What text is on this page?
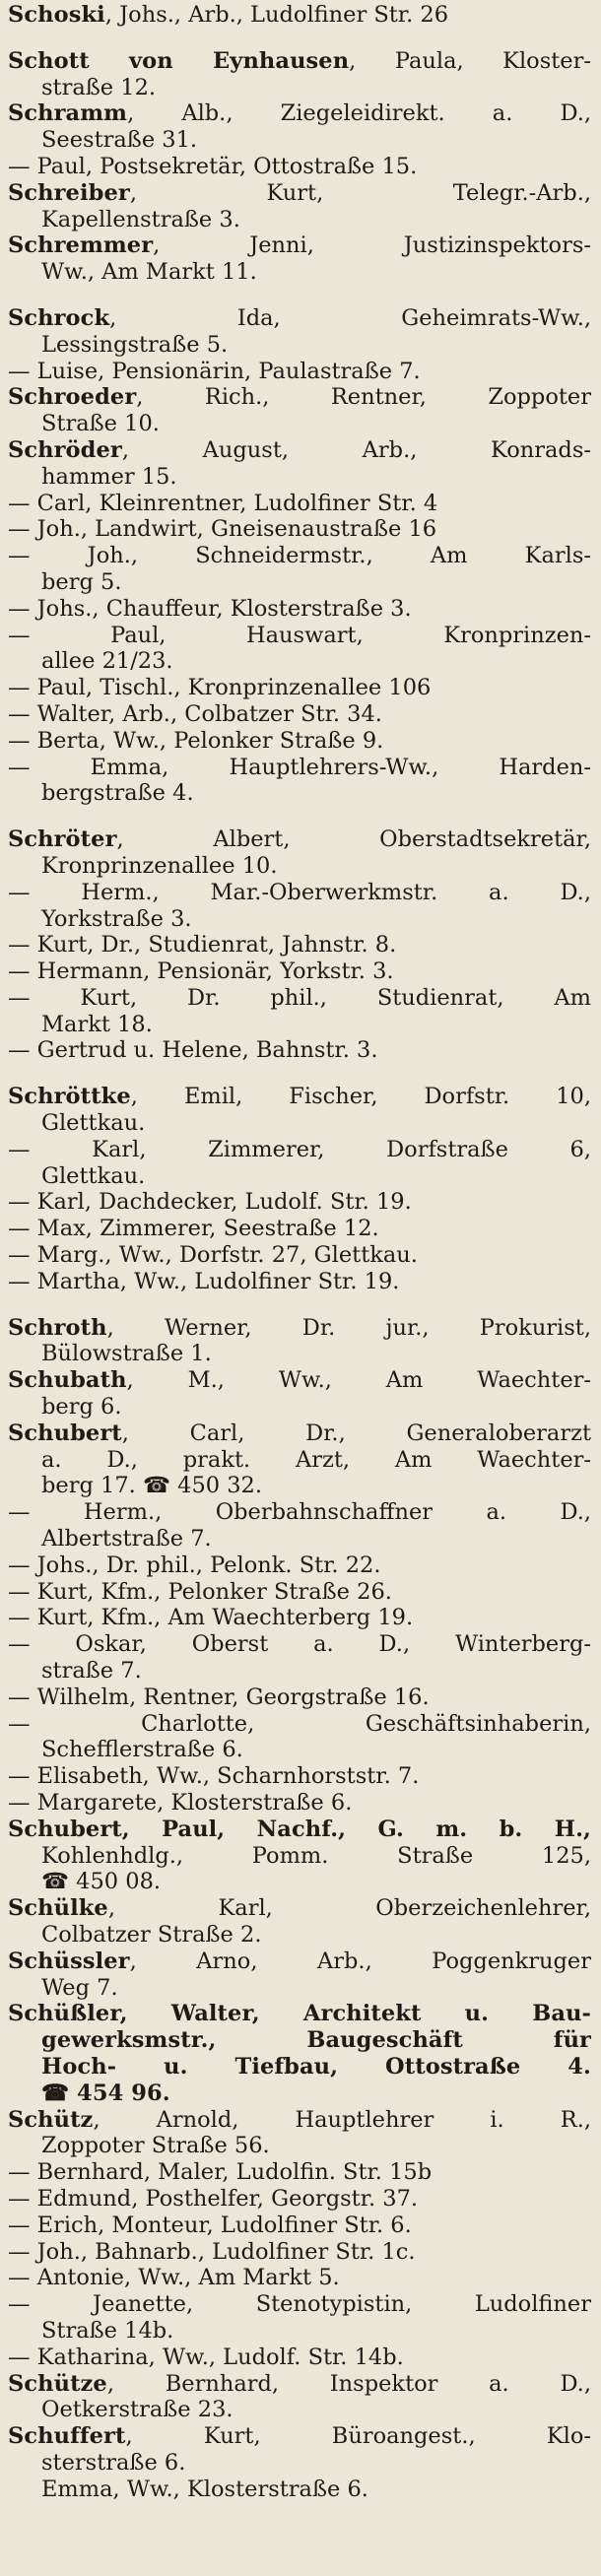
Schoski, Johs., Arb., Ludolfiner Str. 26

Schott von Eynhausen, Paula, Kloster-
straße 12.

Schramm, Alb., Ziegeleidirekt. a. D.,
Seestraße 31.

— Paul, Postsekretär, Ottostraße 15.

Schreiber, Kurt, Telegr.-Arb.,
Kapellenstraße 3.

Schremmer, Jenni, Justizinspektors-
Ww., Am Markt 11.

Schrock, Ida, Geheimrats-Ww.,
Lessingstraße 5.

— Luise, Pensionärin, Paulastraße 7.

Schroeder, Rich., Rentner, Zoppoter
Straße 10.

Schröder, August, Arb., Konrads-
hammer 15.

— Carl, Kleinrentner, Ludolfiner Str. 4

— Joh., Landwirt, Gneisenaustraße 16

— Joh., Schneidermstr., Am Karls-
berg 5.

— Johs., Chauffeur, Klosterstraße 3.

— Paul, Hauswart, Kronprinzen-
allee 21/23.

— Paul, Tischl., Kronprinzenallee 106

— Walter, Arb., Colbatzer Str. 34.

— Berta, Ww., Pelonker Straße 9.

— Emma, Hauptlehrers-Ww., Harden-
bergstraße 4.

Schröter, Albert, Oberstadtsekretär,
Kronprinzenallee 10.

— Herm., Mar.-Oberwerkmstr. a. D.,
Yorkstraße 3.

— Kurt, Dr., Studienrat, Jahnstr. 8.

— Hermann, Pensionär, Yorkstr. 3.

— Kurt, Dr. phil., Studienrat, Am
Markt 18.

— Gertrud u. Helene, Bahnstr. 3.

Schröttke, Emil, Fischer, Dorfstr. 10,
Glettkau.

— Karl, Zimmerer, Dorfstraße 6,
Glettkau.

— Karl, Dachdecker, Ludolf. Str. 19.

— Max, Zimmerer, Seestraße 12.

— Marg., Ww., Dorfstr. 27, Glettkau.

— Martha, Ww., Ludolfiner Str. 19.

Schroth, Werner, Dr. jur., Prokurist,
Bülowstraße 1.

Schubath, M., Ww., Am Waechter-
berg 6.

Schubert, Carl, Dr., Generaloberarzt
a. D., prakt. Arzt, Am Waechter-
berg 17. ☎ 450 32.

— Herm., Oberbahnschaffner a. D.,
Albertstraße 7.

— Johs., Dr. phil., Pelonk. Str. 22.

— Kurt, Kfm., Pelonker Straße 26.

— Kurt, Kfm., Am Waechterberg 19.

— Oskar, Oberst a. D., Winterberg-
straße 7.

— Wilhelm, Rentner, Georgstraße 16.

— Charlotte, Geschäftsinhaberin,
Schefflerstraße 6.

— Elisabeth, Ww., Scharnhorststr. 7.

— Margarete, Klosterstraße 6.

Schubert, Paul, Nachf., G. m. b. H.,
Kohlenhdlg., Pomm. Straße 125,
☎ 450 08.

Schülke, Karl, Oberzeichenlehrer,
Colbatzer Straße 2.

Schüssler, Arno, Arb., Poggenkruger
Weg 7.

Schüßler, Walter, Architekt u. Bau-
gewerksmstr., Baugeschäft für
Hoch- u. Tiefbau, Ottostraße 4.
☎ 454 96.

Schütz, Arnold, Hauptlehrer i. R.,
Zoppoter Straße 56.

— Bernhard, Maler, Ludolfin. Str. 15b

— Edmund, Posthelfer, Georgstr. 37.

— Erich, Monteur, Ludolfiner Str. 6.

— Joh., Bahnarb., Ludolfiner Str. 1c.

— Antonie, Ww., Am Markt 5.

— Jeanette, Stenotypistin, Ludolfiner
Straße 14b.

— Katharina, Ww., Ludolf. Str. 14b.

Schütze, Bernhard, Inspektor a. D.,
Oetkerstraße 23.

Schuffert, Kurt, Büroangest., Klo-
sterstraße 6.

Emma, Ww., Klosterstraße 6.
